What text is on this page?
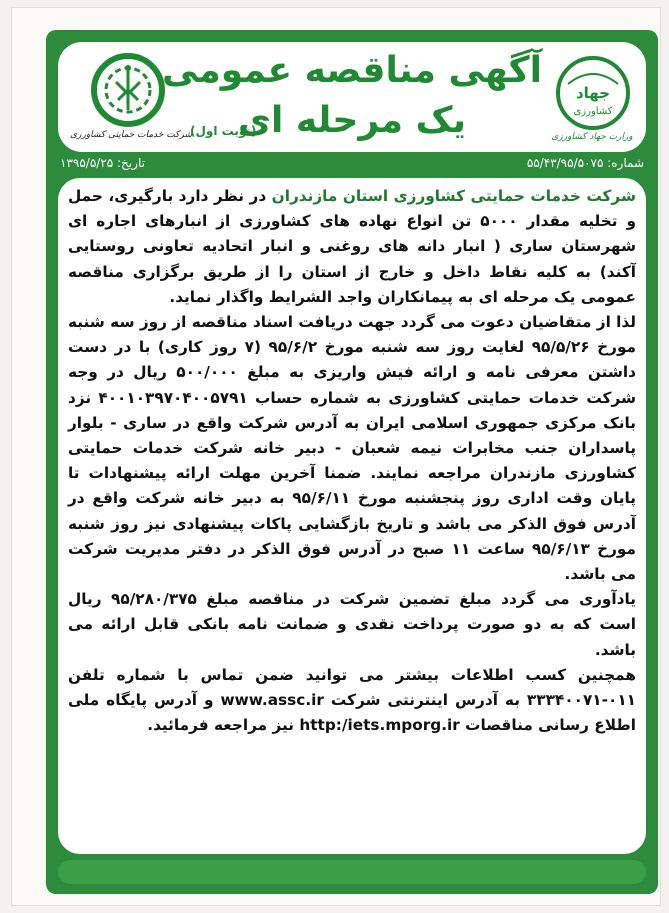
جهاد
کشاورزی
وزارت جهاد کشاورزی
آگهی مناقصه عمومی
یک مرحله ای
(نوبت اول)
شرکت خدمات حمایتی کشاورزی
شماره: ۵۵/۴۳/۹۵/۵۰۷۵
تاریخ: ۱۳۹۵/۵/۲۵

شرکت خدمات حمایتی کشاورزی استان مازندران در نظر دارد بارگیری، حمل و تخلیه مقدار ۵۰۰۰ تن انواع نهاده های کشاورزی از انبارهای اجاره ای شهرستان ساری ( انبار دانه های روغنی و انبار اتحادیه تعاونی روستایی آکند) به کلیه نقاط داخل و خارج از استان را از طریق برگزاری مناقصه عمومی یک مرحله ای به پیمانکاران واجد الشرایط واگذار نماید.

لذا از متقاضیان دعوت می گردد جهت دریافت اسناد مناقصه از روز سه شنبه مورخ ۹۵/۵/۲۶ لغایت روز سه شنبه مورخ ۹۵/۶/۲ (۷ روز کاری) با در دست داشتن معرفی نامه و ارائه فیش واریزی به مبلغ ۵۰۰/۰۰۰ ریال در وجه شرکت خدمات حمایتی کشاورزی به شماره حساب ۴۰۰۱۰۳۹۷۰۴۰۰۵۷۹۱ نزد بانک مرکزی جمهوری اسلامی ایران به آدرس شرکت واقع در ساری - بلوار پاسداران جنب مخابرات نیمه شعبان - دبیر خانه شرکت خدمات حمایتی کشاورزی مازندران مراجعه نمایند. ضمنا آخرین مهلت ارائه پیشنهادات تا پایان وقت اداری روز پنجشنبه مورخ ۹۵/۶/۱۱ به دبیر خانه شرکت واقع در آدرس فوق الذکر می باشد و تاریخ بازگشایی پاکات پیشنهادی نیز روز شنبه مورخ ۹۵/۶/۱۳ ساعت ۱۱ صبح در آدرس فوق الذکر در دفتر مدیریت شرکت می باشد.

یادآوری می گردد مبلغ تضمین شرکت در مناقصه مبلغ ۹۵/۲۸۰/۳۷۵ ریال است که به دو صورت پرداخت نقدی و ضمانت نامه بانکی قابل ارائه می باشد.

همچنین کسب اطلاعات بیشتر می توانید ضمن تماس با شماره تلفن ۰۱۱-۳۳۳۴۰۰۷۱ به آدرس اینترنتی شرکت www.assc.ir و آدرس پایگاه ملی اطلاع رسانی مناقصات http:/iets.mporg.ir نیز مراجعه فرمائید.
